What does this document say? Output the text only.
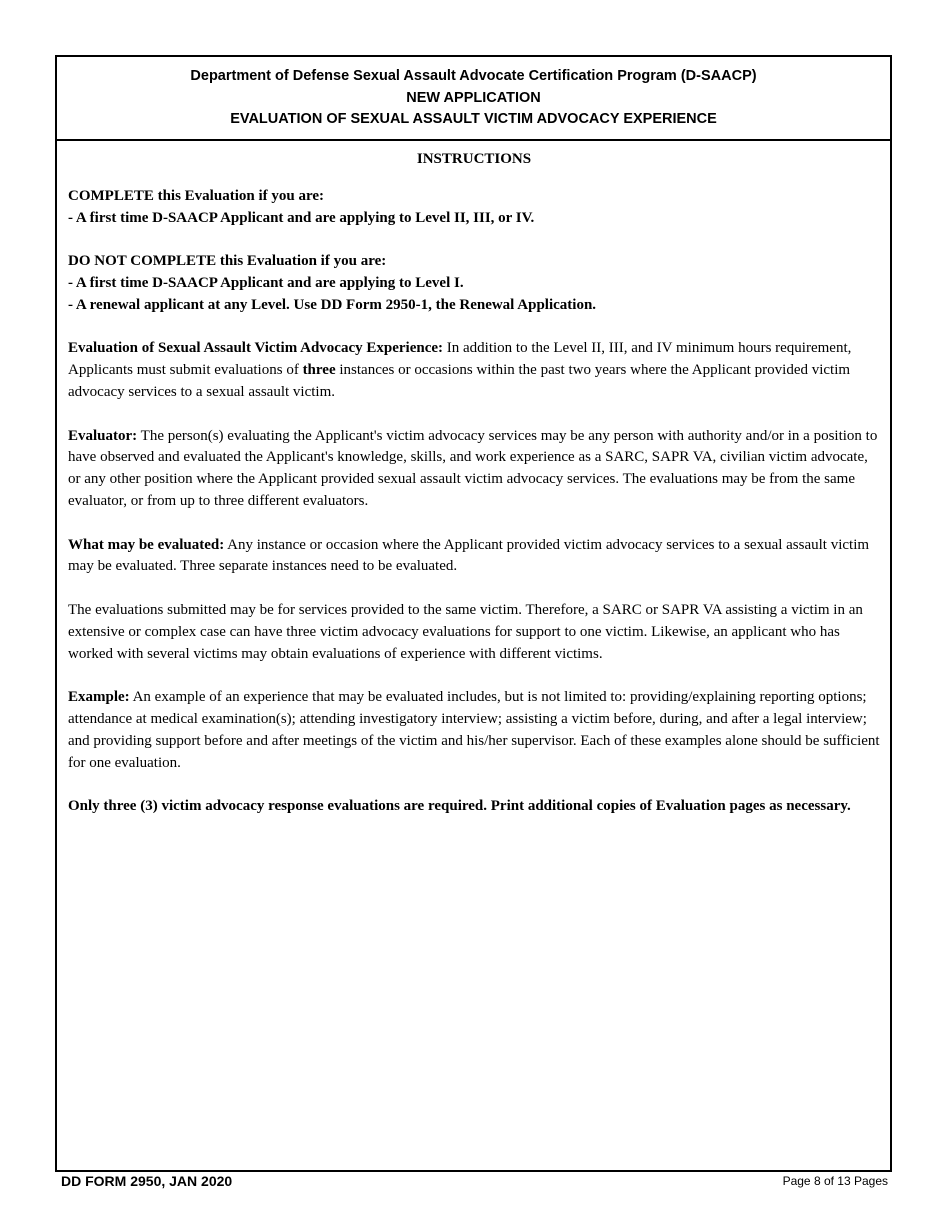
Department of Defense Sexual Assault Advocate Certification Program (D-SAACP)
NEW APPLICATION
EVALUATION OF SEXUAL ASSAULT VICTIM ADVOCACY EXPERIENCE
INSTRUCTIONS
COMPLETE this Evaluation if you are:
- A first time D-SAACP Applicant and are applying to Level II, III, or IV.
DO NOT COMPLETE this Evaluation if you are:
- A first time D-SAACP Applicant and are applying to Level I.
- A renewal applicant at any Level. Use DD Form 2950-1, the Renewal Application.
Evaluation of Sexual Assault Victim Advocacy Experience: In addition to the Level II, III, and IV minimum hours requirement, Applicants must submit evaluations of three instances or occasions within the past two years where the Applicant provided victim advocacy services to a sexual assault victim.
Evaluator: The person(s) evaluating the Applicant's victim advocacy services may be any person with authority and/or in a position to have observed and evaluated the Applicant's knowledge, skills, and work experience as a SARC, SAPR VA, civilian victim advocate, or any other position where the Applicant provided sexual assault victim advocacy services. The evaluations may be from the same evaluator, or from up to three different evaluators.
What may be evaluated: Any instance or occasion where the Applicant provided victim advocacy services to a sexual assault victim may be evaluated. Three separate instances need to be evaluated.
The evaluations submitted may be for services provided to the same victim. Therefore, a SARC or SAPR VA assisting a victim in an extensive or complex case can have three victim advocacy evaluations for support to one victim. Likewise, an applicant who has worked with several victims may obtain evaluations of experience with different victims.
Example: An example of an experience that may be evaluated includes, but is not limited to: providing/explaining reporting options; attendance at medical examination(s); attending investigatory interview; assisting a victim before, during, and after a legal interview; and providing support before and after meetings of the victim and his/her supervisor. Each of these examples alone should be sufficient for one evaluation.
Only three (3) victim advocacy response evaluations are required. Print additional copies of Evaluation pages as necessary.
DD FORM 2950, JAN 2020	Page 8 of 13 Pages
